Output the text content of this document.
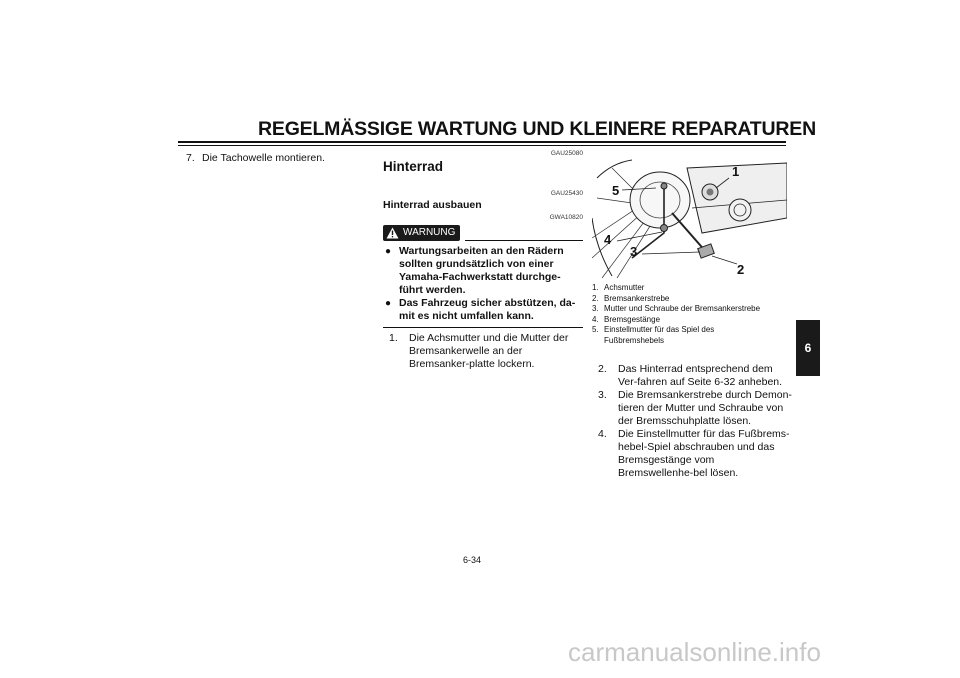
REGELMÄSSIGE WARTUNG UND KLEINERE REPARATUREN
7. Die Tachowelle montieren.	GAU25080
Hinterrad
GAU25430
Hinterrad ausbauen
GWA10820
WARNUNG
● Wartungsarbeiten an den Rädern sollten grundsätzlich von einer Yamaha-Fachwerkstatt durchge-führt werden.
● Das Fahrzeug sicher abstützen, da-mit es nicht umfallen kann.
1.	Die Achsmutter und die Mutter der Bremsankerwelle an der Bremsanker-platte lockern.
1
2
3
4
5
1. Achsmutter
2. Bremsankerstrebe
3. Mutter und Schraube der Bremsankerstrebe
4. Bremsgestänge
5. Einstellmutter für das Spiel des Fußbremshebels
2.	Das Hinterrad entsprechend dem Ver-fahren auf Seite 6-32 anheben.
3.	Die Bremsankerstrebe durch Demon-tieren der Mutter und Schraube von der Bremsschuhplatte lösen.
4.	Die Einstellmutter für das Fußbrems-hebel-Spiel abschrauben und das Bremsgestänge vom Bremswellenhe-bel lösen.
6-34
6
carmanualsonline.info
